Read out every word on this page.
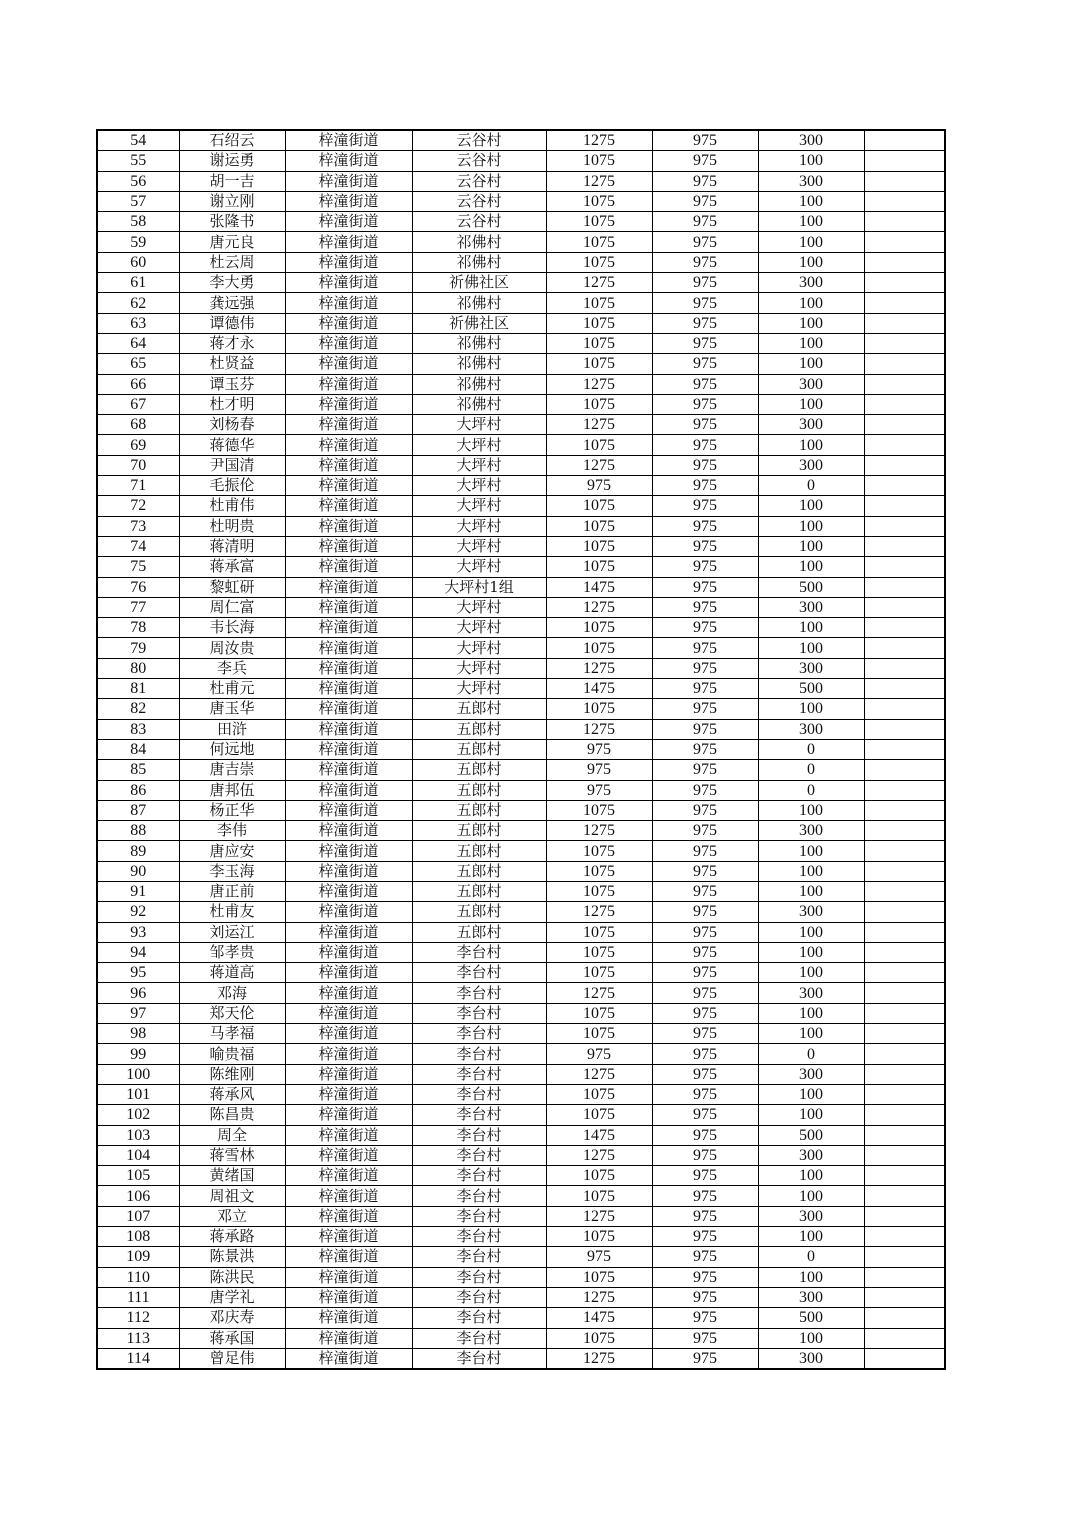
54	石绍云	梓潼街道	云谷村	1275	975	300	
55	谢运勇	梓潼街道	云谷村	1075	975	100	
56	胡一吉	梓潼街道	云谷村	1275	975	300	
57	谢立刚	梓潼街道	云谷村	1075	975	100	
58	张隆书	梓潼街道	云谷村	1075	975	100	
59	唐元良	梓潼街道	祁佛村	1075	975	100	
60	杜云周	梓潼街道	祁佛村	1075	975	100	
61	李大勇	梓潼街道	祈佛社区	1275	975	300	
62	龚远强	梓潼街道	祁佛村	1075	975	100	
63	谭德伟	梓潼街道	祈佛社区	1075	975	100	
64	蒋才永	梓潼街道	祁佛村	1075	975	100	
65	杜贤益	梓潼街道	祁佛村	1075	975	100	
66	谭玉芬	梓潼街道	祁佛村	1275	975	300	
67	杜才明	梓潼街道	祁佛村	1075	975	100	
68	刘杨春	梓潼街道	大坪村	1275	975	300	
69	蒋德华	梓潼街道	大坪村	1075	975	100	
70	尹国清	梓潼街道	大坪村	1275	975	300	
71	毛振伦	梓潼街道	大坪村	975	975	0	
72	杜甫伟	梓潼街道	大坪村	1075	975	100	
73	杜明贵	梓潼街道	大坪村	1075	975	100	
74	蒋清明	梓潼街道	大坪村	1075	975	100	
75	蒋承富	梓潼街道	大坪村	1075	975	100	
76	黎虹研	梓潼街道	大坪村1组	1475	975	500	
77	周仁富	梓潼街道	大坪村	1275	975	300	
78	韦长海	梓潼街道	大坪村	1075	975	100	
79	周汝贵	梓潼街道	大坪村	1075	975	100	
80	李兵	梓潼街道	大坪村	1275	975	300	
81	杜甫元	梓潼街道	大坪村	1475	975	500	
82	唐玉华	梓潼街道	五郎村	1075	975	100	
83	田浒	梓潼街道	五郎村	1275	975	300	
84	何远地	梓潼街道	五郎村	975	975	0	
85	唐吉崇	梓潼街道	五郎村	975	975	0	
86	唐邦伍	梓潼街道	五郎村	975	975	0	
87	杨正华	梓潼街道	五郎村	1075	975	100	
88	李伟	梓潼街道	五郎村	1275	975	300	
89	唐应安	梓潼街道	五郎村	1075	975	100	
90	李玉海	梓潼街道	五郎村	1075	975	100	
91	唐正前	梓潼街道	五郎村	1075	975	100	
92	杜甫友	梓潼街道	五郎村	1275	975	300	
93	刘运江	梓潼街道	五郎村	1075	975	100	
94	邹孝贵	梓潼街道	李台村	1075	975	100	
95	蒋道高	梓潼街道	李台村	1075	975	100	
96	邓海	梓潼街道	李台村	1275	975	300	
97	郑天伦	梓潼街道	李台村	1075	975	100	
98	马孝福	梓潼街道	李台村	1075	975	100	
99	喻贵福	梓潼街道	李台村	975	975	0	
100	陈维刚	梓潼街道	李台村	1275	975	300	
101	蒋承风	梓潼街道	李台村	1075	975	100	
102	陈昌贵	梓潼街道	李台村	1075	975	100	
103	周全	梓潼街道	李台村	1475	975	500	
104	蒋雪林	梓潼街道	李台村	1275	975	300	
105	黄绪国	梓潼街道	李台村	1075	975	100	
106	周祖文	梓潼街道	李台村	1075	975	100	
107	邓立	梓潼街道	李台村	1275	975	300	
108	蒋承路	梓潼街道	李台村	1075	975	100	
109	陈景洪	梓潼街道	李台村	975	975	0	
110	陈洪民	梓潼街道	李台村	1075	975	100	
111	唐学礼	梓潼街道	李台村	1275	975	300	
112	邓庆寿	梓潼街道	李台村	1475	975	500	
113	蒋承国	梓潼街道	李台村	1075	975	100	
114	曾足伟	梓潼街道	李台村	1275	975	300	
